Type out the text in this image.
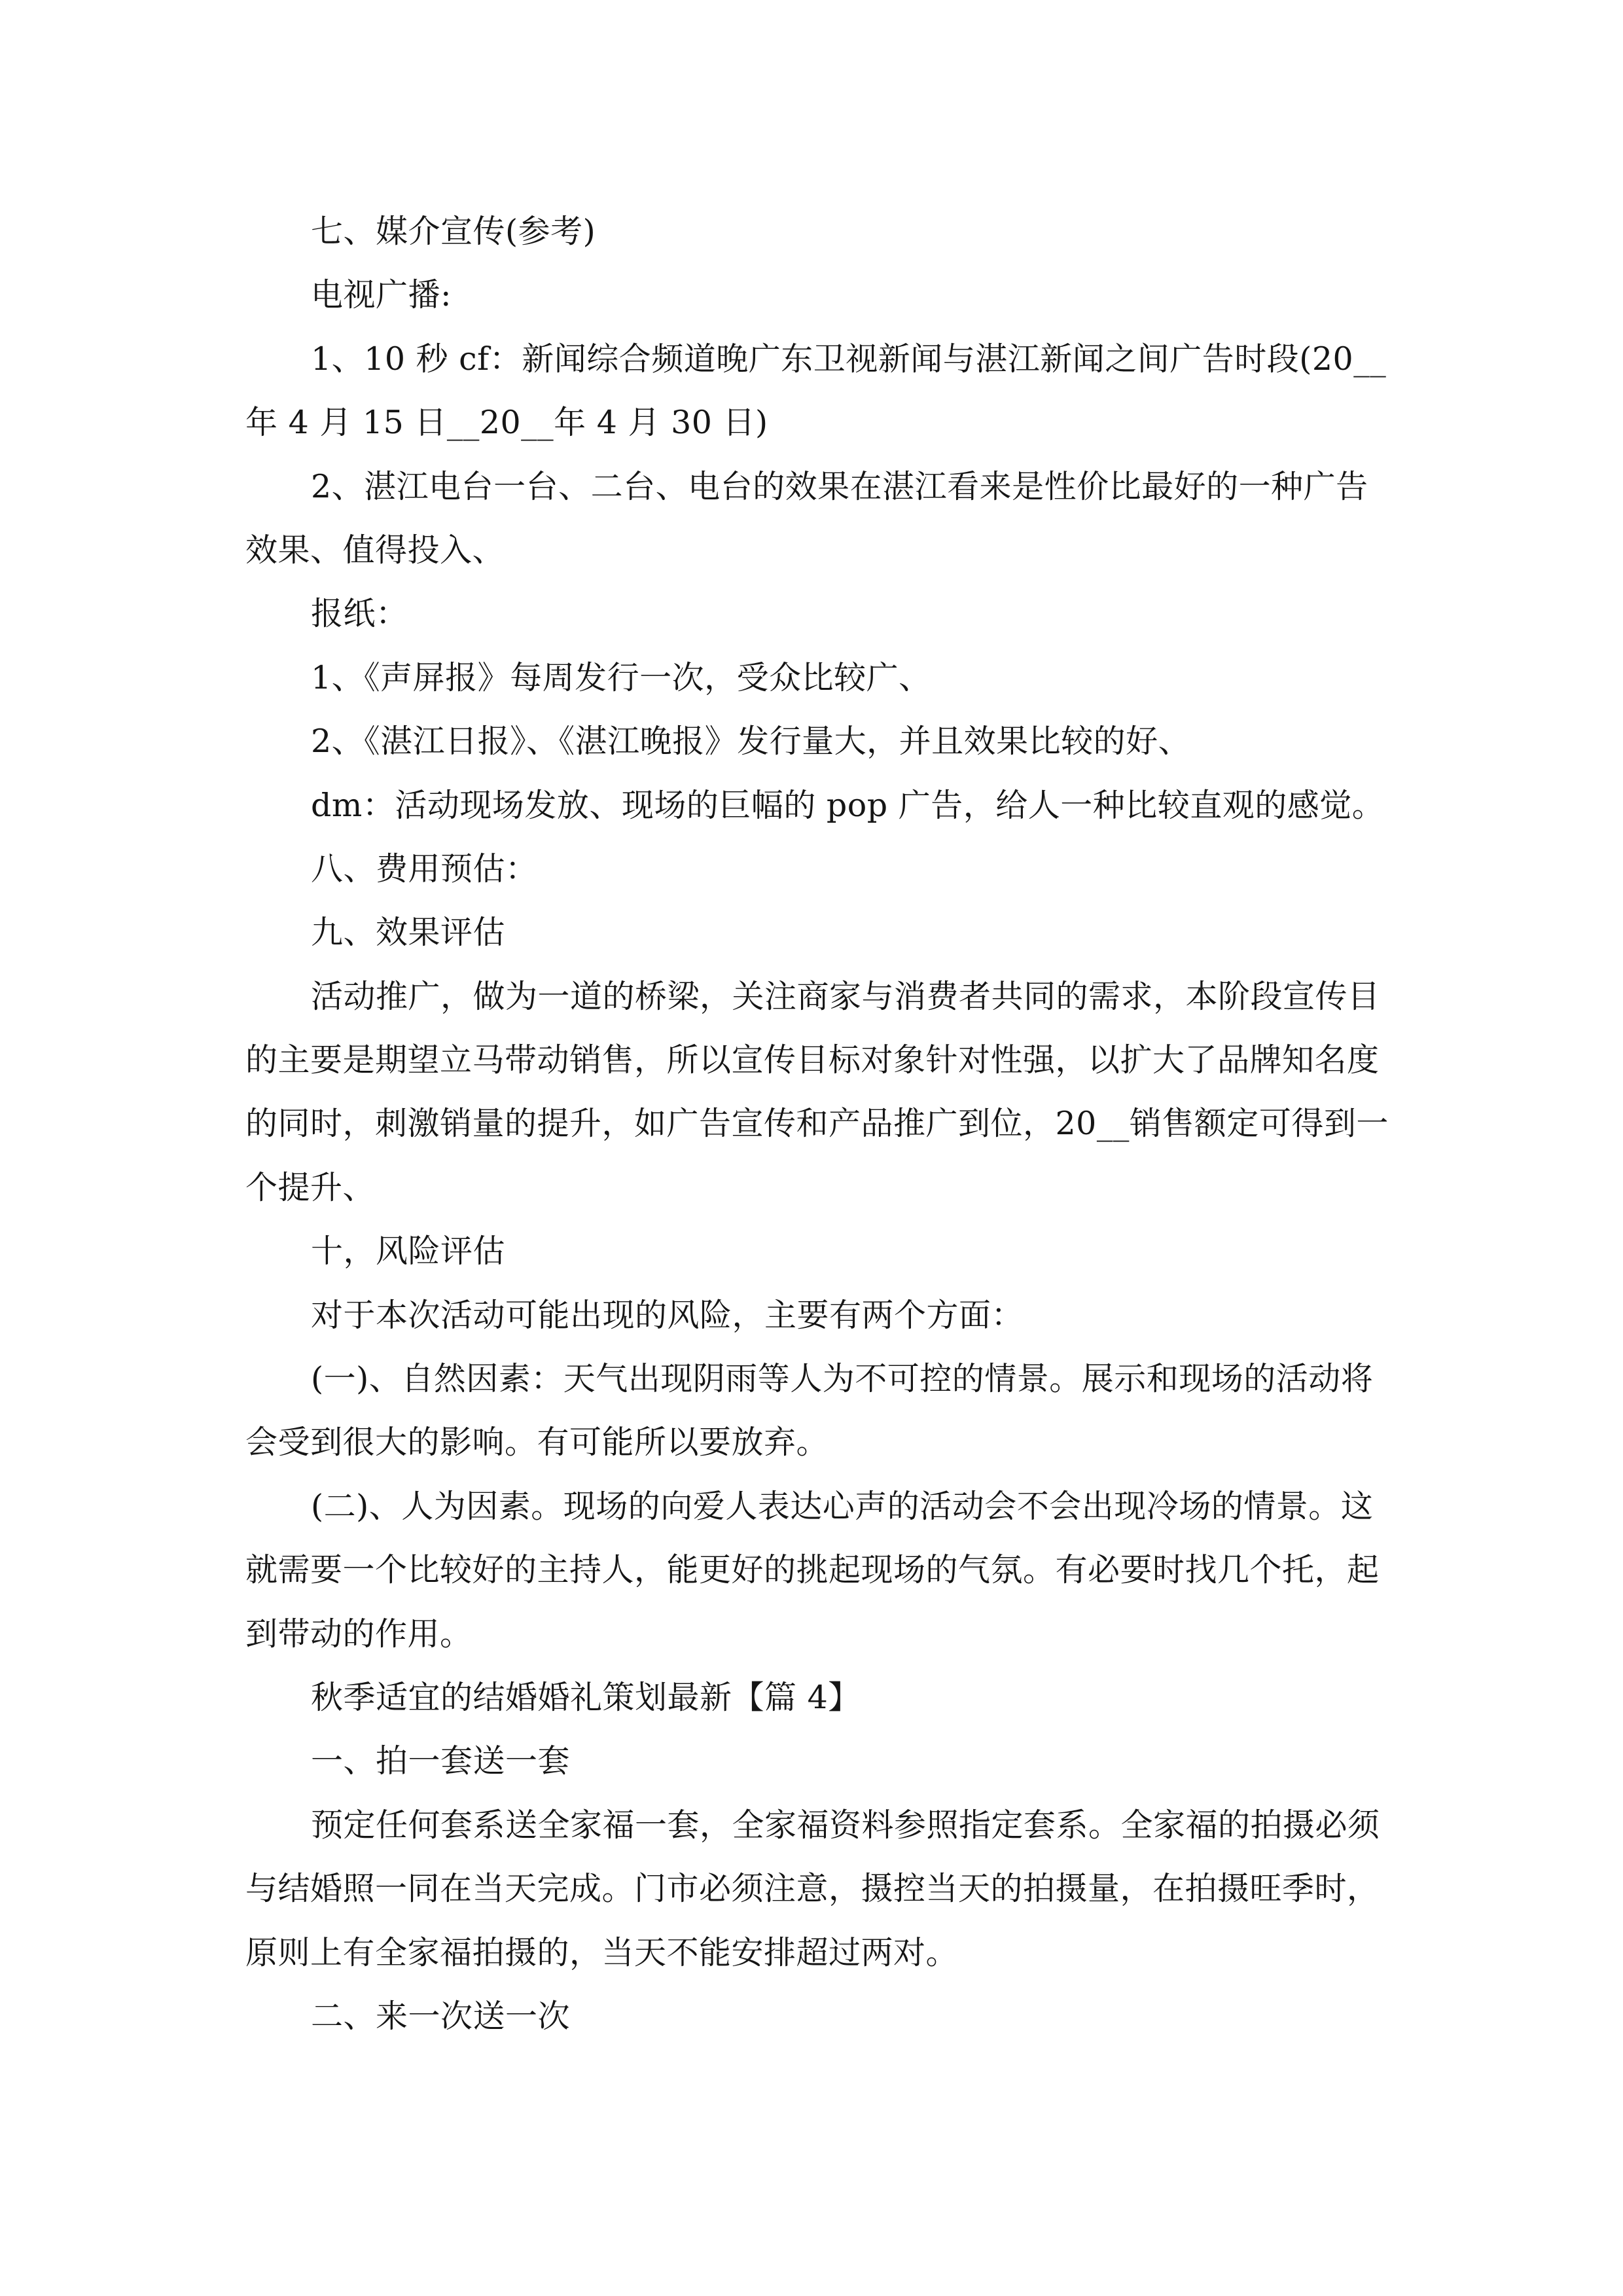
七、媒介宣传(参考)

电视广播:

1、10 秒 cf：新闻综合频道晚广东卫视新闻与湛江新闻之间广告时段(20__

年 4 月 15 日__20__年 4 月 30 日)

2、湛江电台一台、二台、电台的效果在湛江看来是性价比最好的一种广告

效果、值得投入、

报纸：

1、《声屏报》每周发行一次，受众比较广、

2、《湛江日报》、《湛江晚报》发行量大，并且效果比较的好、

dm：活动现场发放、现场的巨幅的 pop 广告，给人一种比较直观的感觉。

八、费用预估：

九、效果评估

活动推广，做为一道的桥梁，关注商家与消费者共同的需求，本阶段宣传目

的主要是期望立马带动销售，所以宣传目标对象针对性强，以扩大了品牌知名度

的同时，刺激销量的提升，如广告宣传和产品推广到位，20__销售额定可得到一

个提升、

十，风险评估

对于本次活动可能出现的风险，主要有两个方面：

(一)、自然因素：天气出现阴雨等人为不可控的情景。展示和现场的活动将

会受到很大的影响。有可能所以要放弃。

(二)、人为因素。现场的向爱人表达心声的活动会不会出现冷场的情景。这

就需要一个比较好的主持人，能更好的挑起现场的气氛。有必要时找几个托，起

到带动的作用。

秋季适宜的结婚婚礼策划最新【篇 4】

一、拍一套送一套

预定任何套系送全家福一套，全家福资料参照指定套系。全家福的拍摄必须

与结婚照一同在当天完成。门市必须注意，摄控当天的拍摄量，在拍摄旺季时，

原则上有全家福拍摄的，当天不能安排超过两对。

二、来一次送一次
